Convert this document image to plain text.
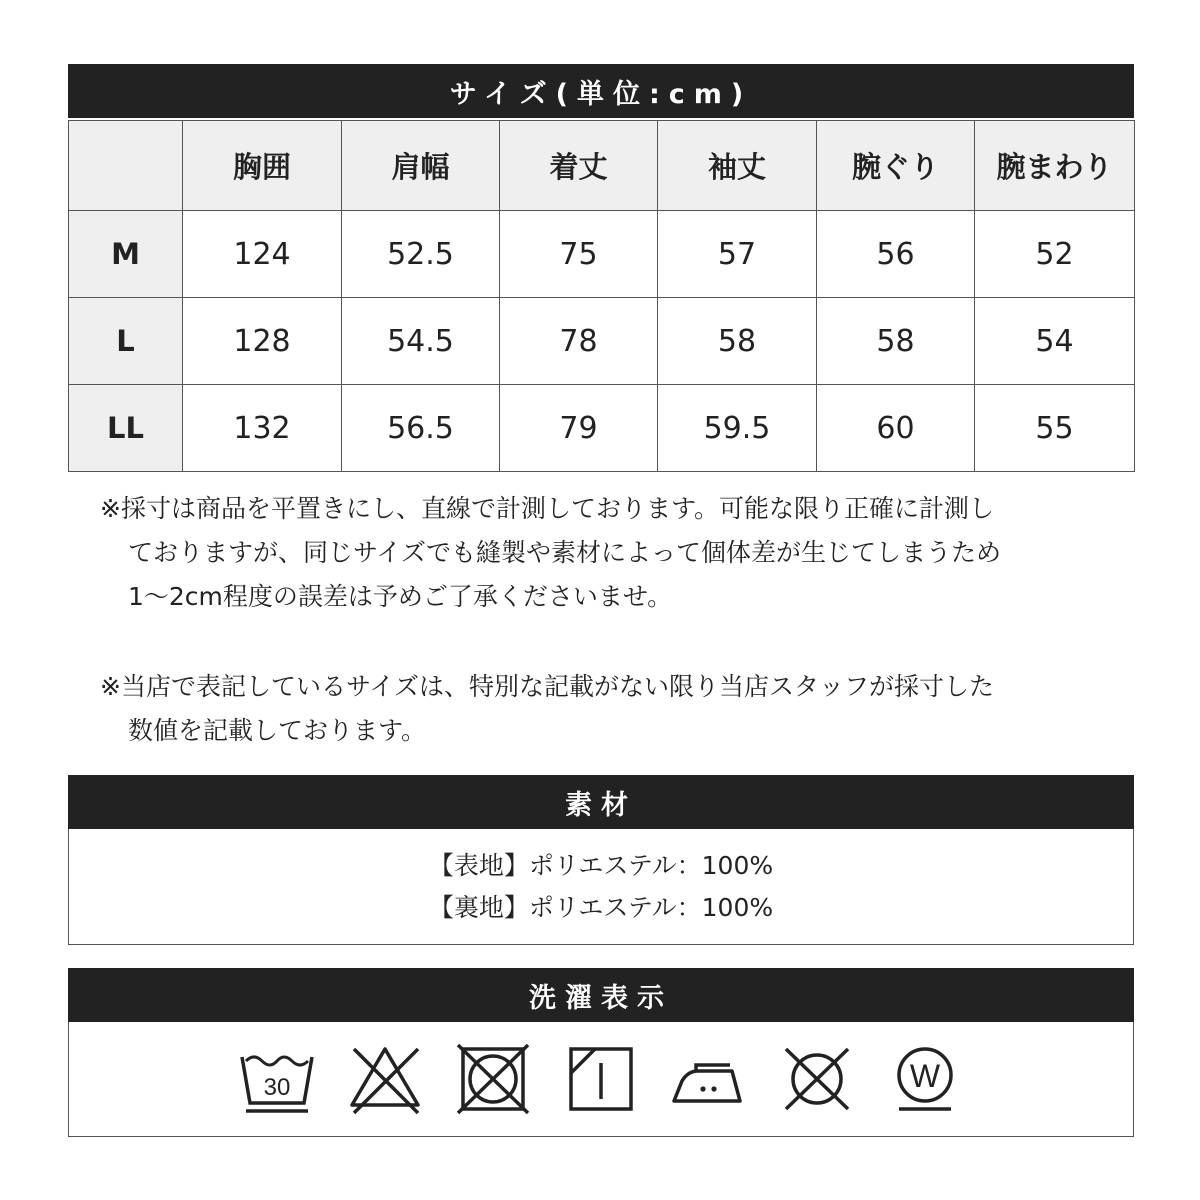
サイズ(単位:cm)
	胸囲	肩幅	着丈	袖丈	腕ぐり	腕まわり
M	124	52.5	75	57	56	52
L	128	54.5	78	58	58	54
LL	132	56.5	79	59.5	60	55

※採寸は商品を平置きにし、直線で計測しております。可能な限り正確に計測し

ておりますが、同じサイズでも縫製や素材によって個体差が生じてしまうため

1～2cm程度の誤差は予めご了承くださいませ。

※当店で表記しているサイズは、特別な記載がない限り当店スタッフが採寸した

数値を記載しております。

素材
【表地】ポリエステル：100%
【裏地】ポリエステル：100%
洗濯表示
30	W
